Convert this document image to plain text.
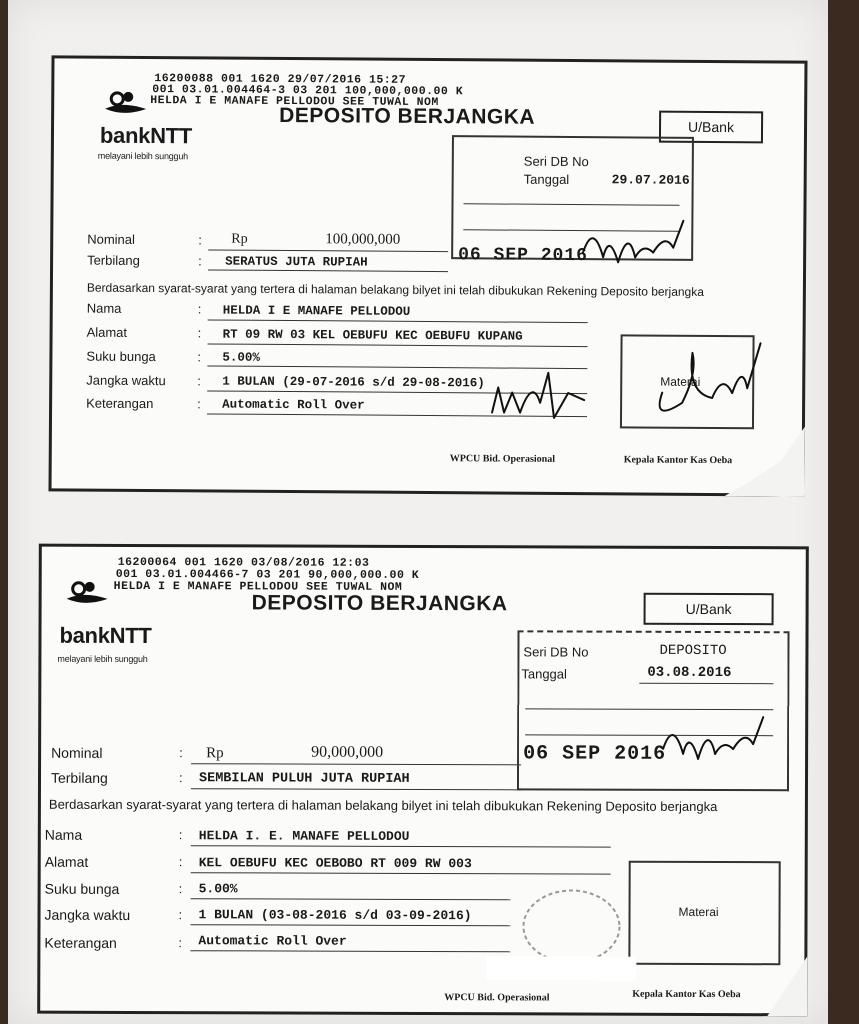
16200088 001 1620 29/07/2016 15:27
001 03.01.004464-3 03 201 100,000,000.00 K
HELDA I E MANAFE PELLODOU SEE TUWAL NOM
DEPOSITO BERJANGKA	U/Bank
bankNTT
melayani lebih sungguh	Seri DB No
Tanggal	29.07.2016
06 SEP 2016
Nominal	: Rp	100,000,000
Terbilang	: SERATUS JUTA RUPIAH
Berdasarkan syarat-syarat yang tertera di halaman belakang bilyet ini telah dibukukan Rekening Deposito berjangka
Nama	: HELDA I E MANAFE PELLODOU
Alamat	: RT 09 RW 03 KEL OEBUFU KEC OEBUFU KUPANG
Suku bunga	: 5.00%
Jangka waktu : 1 BULAN (29-07-2016 s/d 29-08-2016)
Keterangan	: Automatic Roll Over
Materai
WPCU Bid. Operasional	Kepala Kantor Kas Oeba
16200064 001 1620 03/08/2016 12:03
001 03.01.004466-7 03 201 90,000,000.00 K
HELDA I E MANAFE PELLODOU SEE TUWAL NOM
DEPOSITO BERJANGKA	U/Bank
bankNTT
melayani lebih sungguh	Seri DB No	DEPOSITO
Tanggal	03.08.2016
06 SEP 2016
Nominal	: Rp	90,000,000
Terbilang	: SEMBILAN PULUH JUTA RUPIAH
Berdasarkan syarat-syarat yang tertera di halaman belakang bilyet ini telah dibukukan Rekening Deposito berjangka
Nama	: HELDA I. E. MANAFE PELLODOU
Alamat	: KEL OEBUFU KEC OEBOBO RT 009 RW 003
Suku bunga	: 5.00%
Jangka waktu	: 1 BULAN (03-08-2016 s/d 03-09-2016)
Keterangan	: Automatic Roll Over
Materai
WPCU Bid. Operasional	Kepala Kantor Kas Oeba
